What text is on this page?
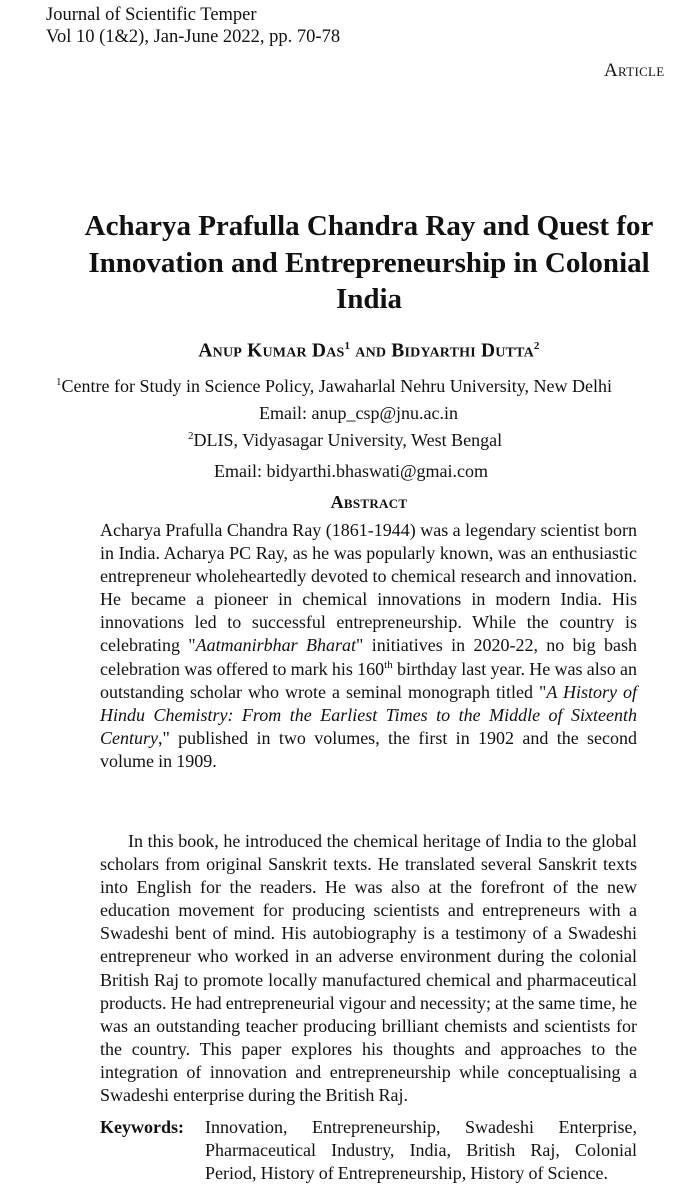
Journal of Scientific Temper
Vol 10 (1&2), Jan-June 2022, pp. 70-78
Article
Acharya Prafulla Chandra Ray and Quest for Innovation and Entrepreneurship in Colonial India
Anup Kumar Das$^1$ and Bidyarthi Dutta$^2$
$^1$Centre for Study in Science Policy, Jawaharlal Nehru University, New Delhi
Email: anup_csp@jnu.ac.in
$^2$DLIS, Vidyasagar University, West Bengal
Email: bidyarthi.bhaswati@gmai.com
Abstract
Acharya Prafulla Chandra Ray (1861-1944) was a legendary scientist born in India. Acharya PC Ray, as he was popularly known, was an enthusiastic entrepreneur wholeheartedly devoted to chemical research and innovation. He became a pioneer in chemical innovations in modern India. His innovations led to successful entrepreneurship. While the country is celebrating "Aatmanirbhar Bharat" initiatives in 2020-22, no big bash celebration was offered to mark his 160th birthday last year. He was also an outstanding scholar who wrote a seminal monograph titled "A History of Hindu Chemistry: From the Earliest Times to the Middle of Sixteenth Century," published in two volumes, the first in 1902 and the second volume in 1909.
In this book, he introduced the chemical heritage of India to the global scholars from original Sanskrit texts. He translated several Sanskrit texts into English for the readers. He was also at the forefront of the new education movement for producing scientists and entrepreneurs with a Swadeshi bent of mind. His autobiography is a testimony of a Swadeshi entrepreneur who worked in an adverse environment during the colonial British Raj to promote locally manufactured chemical and pharmaceutical products. He had entrepreneurial vigour and necessity; at the same time, he was an outstanding teacher producing brilliant chemists and scientists for the country. This paper explores his thoughts and approaches to the integration of innovation and entrepreneurship while conceptualising a Swadeshi enterprise during the British Raj.
Keywords: Innovation, Entrepreneurship, Swadeshi Enterprise, Pharmaceutical Industry, India, British Raj, Colonial Period, History of Entrepreneurship, History of Science.
